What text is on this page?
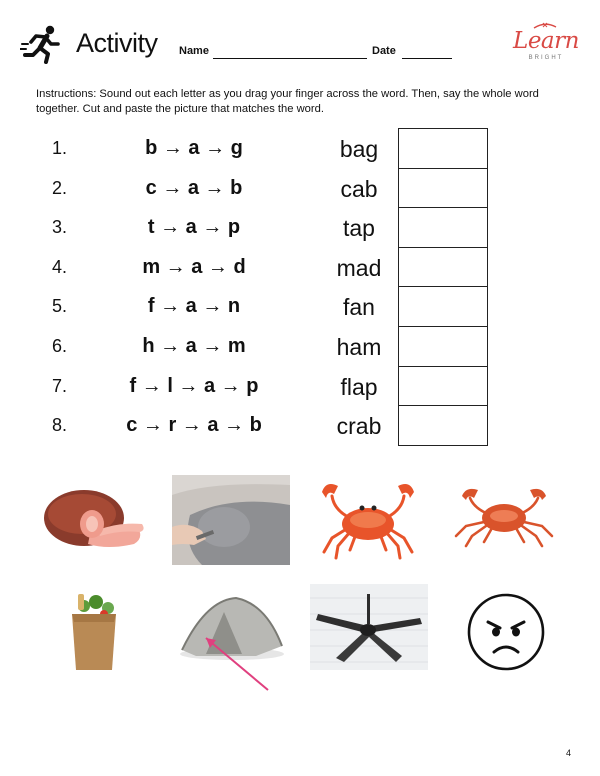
Activity Name	Date	Learn
BRIGHT
Instructions: Sound out each letter as you drag your finger across the word. Then, say the whole word together. Cut and paste the picture that matches the word.
1.	b → a → g	bag
2.	c → a → b	cab
3.	t → a → p	tap
4.	m → a → d	mad
5.	f → a → n	fan
6.	h → a → m	ham
7.	f → l → a → p	flap
8.	c → r → a → b	crab
4
